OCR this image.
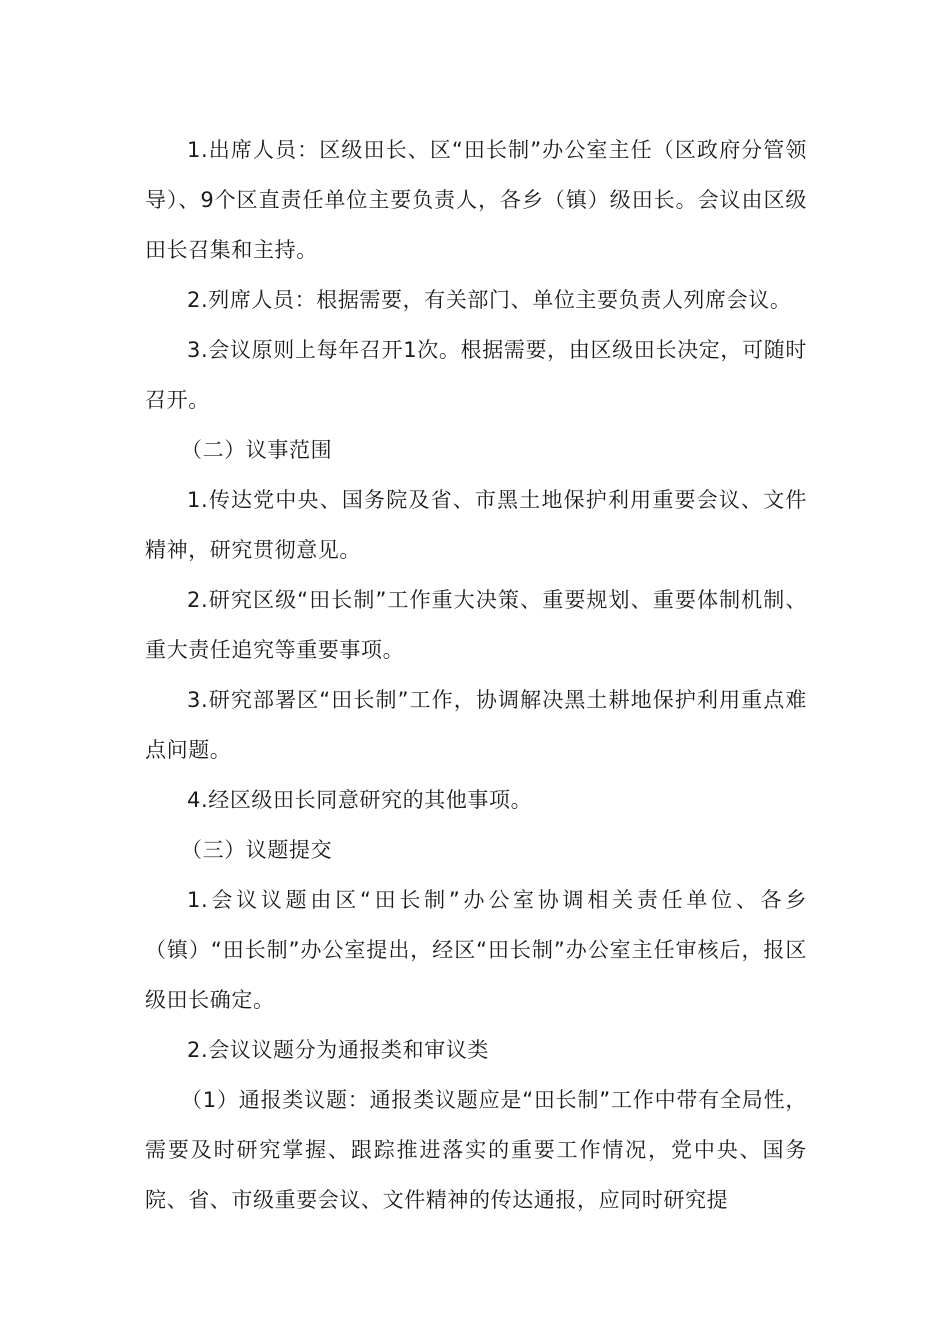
1.出席人员：区级田长、区“田长制”办公室主任（区政府分管领导）、9个区直责任单位主要负责人，各乡（镇）级田长。会议由区级田长召集和主持。

2.列席人员：根据需要，有关部门、单位主要负责人列席会议。

3.会议原则上每年召开1次。根据需要，由区级田长决定，可随时召开。

（二）议事范围

1.传达党中央、国务院及省、市黑土地保护利用重要会议、文件精神，研究贯彻意见。

2.研究区级“田长制”工作重大决策、重要规划、重要体制机制、重大责任追究等重要事项。

3.研究部署区“田长制”工作，协调解决黑土耕地保护利用重点难点问题。

4.经区级田长同意研究的其他事项。

（三）议题提交

1.会议议题由区“田长制”办公室协调相关责任单位、各乡（镇）“田长制”办公室提出，经区“田长制”办公室主任审核后，报区级田长确定。

2.会议议题分为通报类和审议类

（1）通报类议题：通报类议题应是“田长制”工作中带有全局性，需要及时研究掌握、跟踪推进落实的重要工作情况，党中央、国务院、省、市级重要会议、文件精神的传达通报，应同时研究提
